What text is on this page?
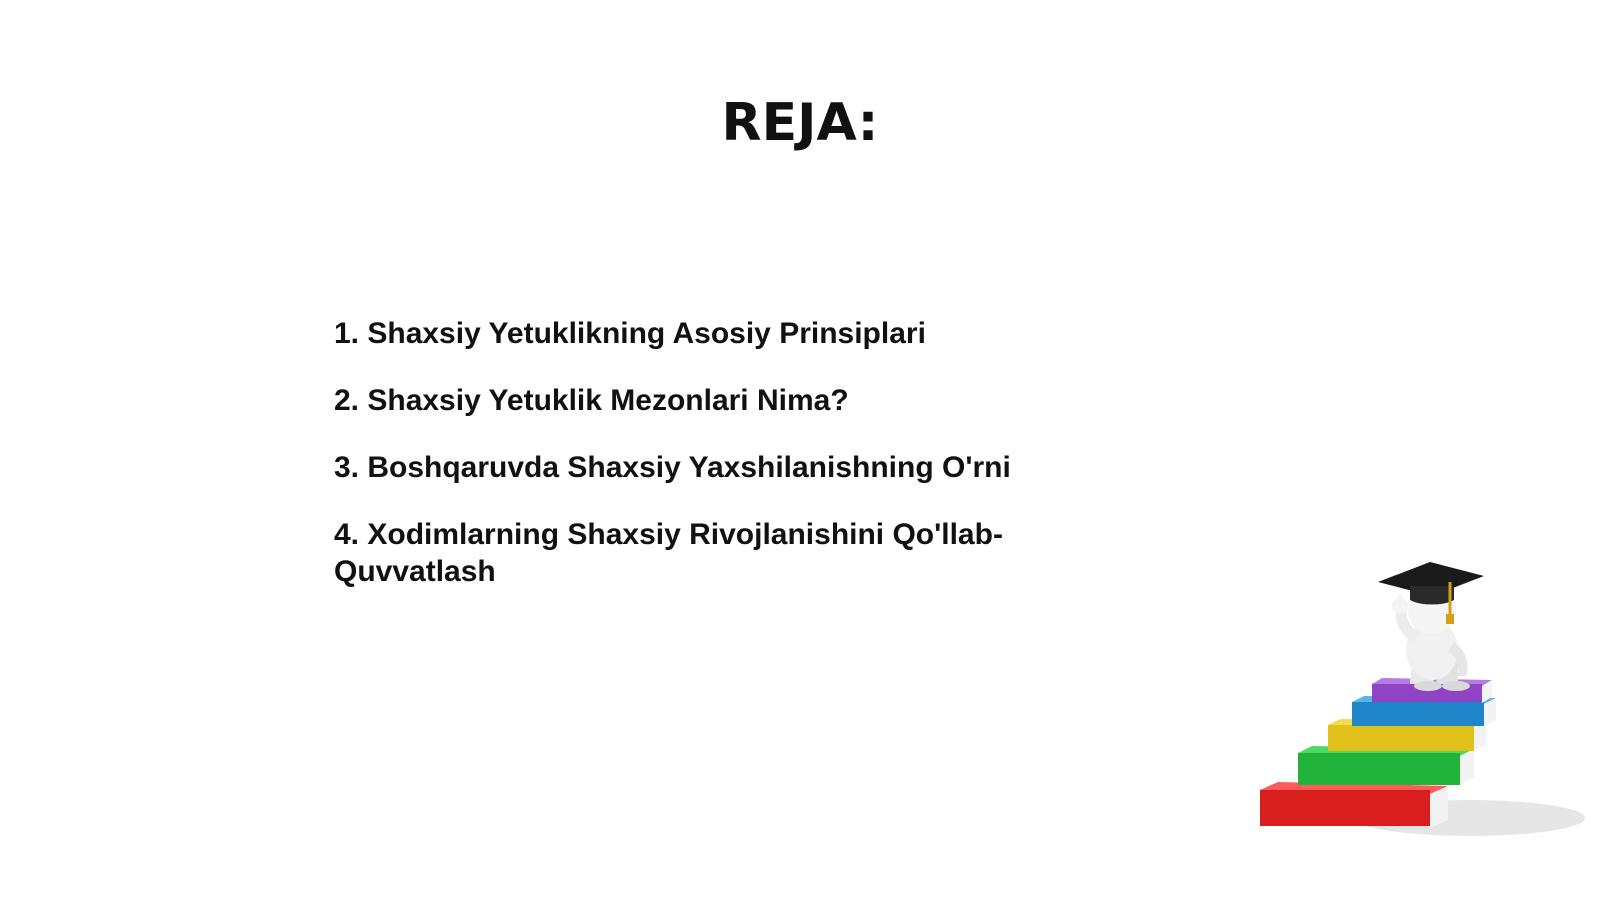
REJA:
1. Shaxsiy Yetuklikning Asosiy Prinsiplari
2. Shaxsiy Yetuklik Mezonlari Nima?
3. Boshqaruvda Shaxsiy Yaxshilanishning O'rni
4. Xodimlarning Shaxsiy Rivojlanishini Qo'llab-Quvvatlash
